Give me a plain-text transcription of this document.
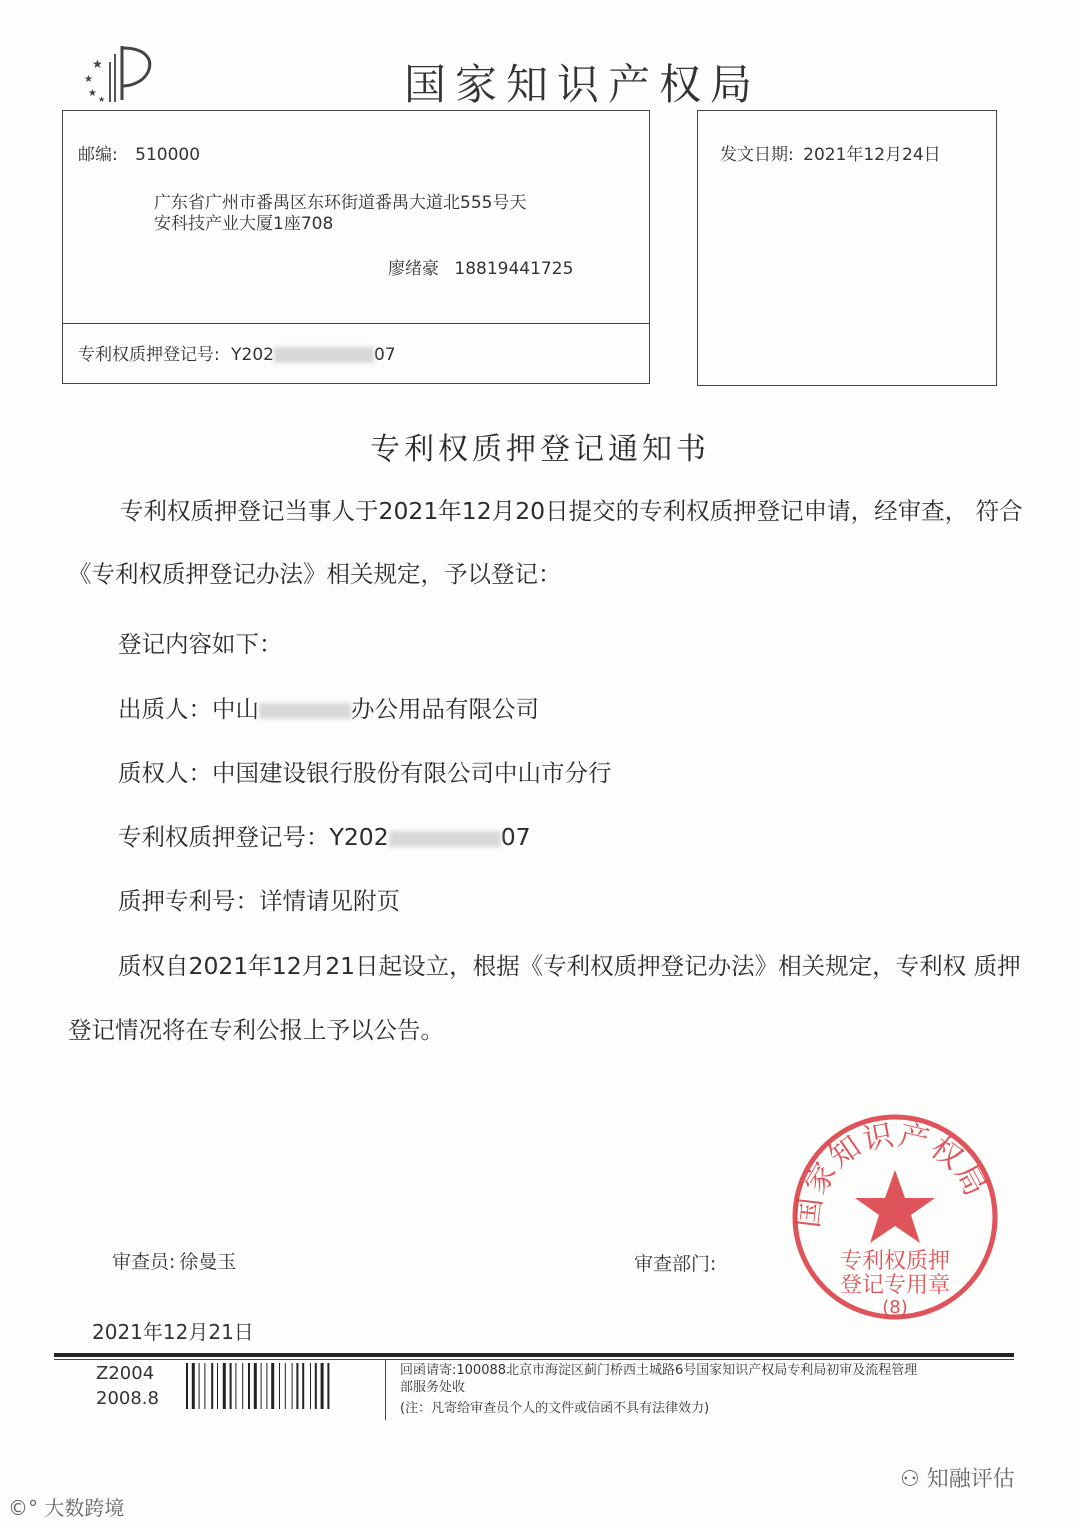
★
★
★
★	国家知识产权局
邮编: 510000
广东省广州市番禺区东环街道番禺大道北555号天
安科技产业大厦1座708
廖绪豪 18819441725
专利权质押登记号: Y202	07
发文日期: 2021年12月24日
专利权质押登记通知书
专利权质押登记当事人于2021年12月20日提交的专利权质押登记申请，经审查， 符合
《专利权质押登记办法》相关规定，予以登记：
登记内容如下：
出质人：中山	办公用品有限公司
质权人：中国建设银行股份有限公司中山市分行
专利权质押登记号：Y202	07
质押专利号：详情请见附页
质权自2021年12月21日起设立，根据《专利权质押登记办法》相关规定，专利权 质押
登记情况将在专利公报上予以公告。
审查员: 徐曼玉	审查部门:
2021年12月21日
国家知识产权局
专利权质押
登记专用章
(8)
Z2004
2008.8
回函请寄:100088北京市海淀区蓟门桥西土城路6号国家知识产权局专利局初审及流程管理
部服务处收
(注：凡寄给审查员个人的文件或信函不具有法律效力)
©° 大数跨境
⚇ 知融评估
